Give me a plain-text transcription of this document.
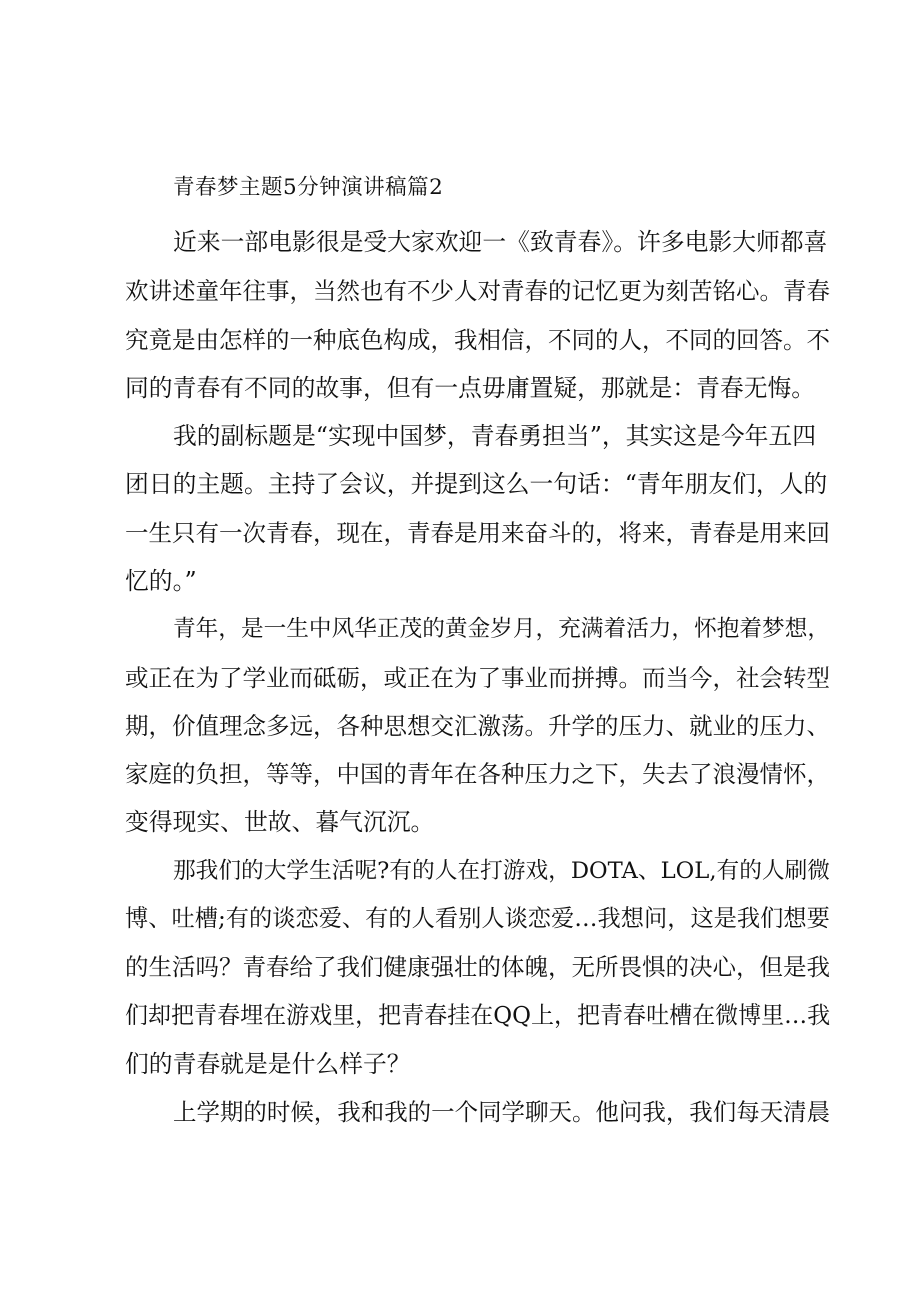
青春梦主题5分钟演讲稿篇2
近来一部电影很是受大家欢迎一《致青春》。许多电影大师都喜
欢讲述童年往事，当然也有不少人对青春的记忆更为刻苦铭心。青春
究竟是由怎样的一种底色构成，我相信，不同的人，不同的回答。不
同的青春有不同的故事，但有一点毋庸置疑，那就是：青春无悔。
我的副标题是“实现中国梦，青春勇担当”，其实这是今年五四
团日的主题。主持了会议，并提到这么一句话：“青年朋友们，人的
一生只有一次青春，现在，青春是用来奋斗的，将来，青春是用来回
忆的。”
青年，是一生中风华正茂的黄金岁月，充满着活力，怀抱着梦想，
或正在为了学业而砥砺，或正在为了事业而拼搏。而当今，社会转型
期，价值理念多远，各种思想交汇激荡。升学的压力、就业的压力、
家庭的负担，等等，中国的青年在各种压力之下，失去了浪漫情怀，
变得现实、世故、暮气沉沉。
那我们的大学生活呢?有的人在打游戏，DOTA、LOL,有的人刷微
博、吐槽;有的谈恋爱、有的人看别人谈恋爱…我想问，这是我们想要
的生活吗？青春给了我们健康强壮的体魄，无所畏惧的决心，但是我
们却把青春埋在游戏里，把青春挂在QQ上，把青春吐槽在微博里…我
们的青春就是是什么样子？
上学期的时候，我和我的一个同学聊天。他问我，我们每天清晨
